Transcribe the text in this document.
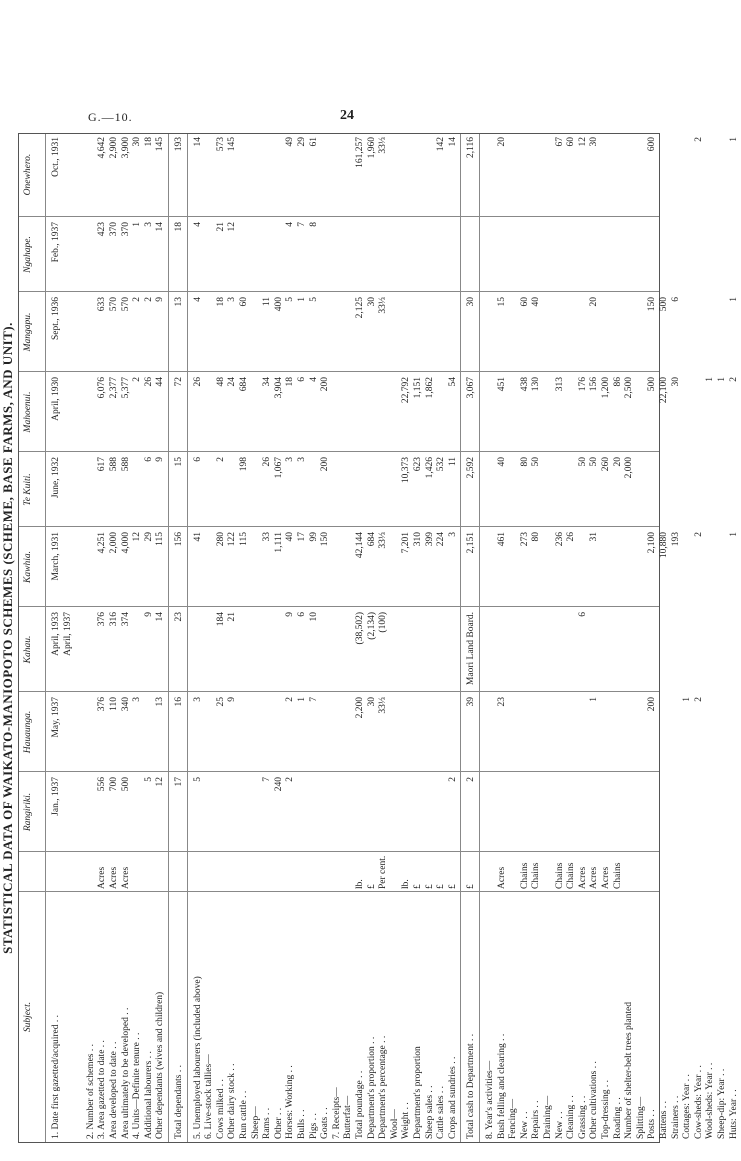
G.—10.	24
STATISTICAL DATA OF WAIKATO-MANIOPOTO SCHEMES (SCHEME, BASE FARMS, AND UNIT).
Subject.
Rangiriki.
Hauaunga.
Kahau.
Kawhia.
Te Kuiti.
Mahoenui.
Mangapu.
Ngahape.
Onewhero.
1. Date first gazetted/acquired . .
Jan., 1937
May, 1937
April, 1933
March, 1931
June, 1932
April, 1930
Sept., 1936
Feb., 1937
Oct., 1931
April, 1937
2. Number of schemes . . 3. Area gazetted to date . .
Acres
556
376
376
4,251
617
6,076
633
423
4,642
Area developed to date . .
Acres
700
110
316
2,000
588
2,377
570
370
2,900
Area ultimately to be developed . .
Acres
500
340
374
4,000
588
5,377
570
370
3,900
4. Units—Definite tenure . .
3
12
2
2
1
30
Additional labourers . .
5
9
29
6
26
2
3
18
Other dependants (wives and children)
12
13
14
115
9
44
9
14
145
Total dependants . .
17
16
23
156
15
72
13
18
193
5. Unemployed labourers (included above)
5
3
41
6
26
4
4
14
6. Live-stock tallies— Cows milked . .
25
184
280
2
48
18
21
573
Other dairy stock . .
9
21
122
24
3
12
145
Run cattle . .
115
198
684
60
Sheep— Rams . .
7
33
26
34
11
Other . .
240
1,111
1,067
3,904
400
Horses: Working . .
2
2
9
40
3
18
5
4
49
Bulls . .
1
6
17
3
6
1
7
29
Pigs . .
7
10
99
4
5
8
61
Goats . .
150
200
200
7. Receipts— Butterfat— Total poundage . .
lb.
2,200
(38,502)
42,144
2,125
161,257
Department's proportion . .
£
30
(2,134)
684
30
1,960
Department's percentage . .
Per cent.
33⅓
(100)
33⅓
33⅓
33⅓
Wool— Weight . .
lb.
7,201
10,373
22,792
Department's proportion
£
310
623
1,151
Sheep sales . .
£
399
1,426
1,862
Cattle sales . .
£
224
532
142
Crops and sundries . .
£
2
3
11
54
14
Total cash to Department . .
£
2
39
Maori Land Board.
2,151
2,592
3,067
30
2,116
8. Year's activities— Bush felling and clearing . .
Acres
23
461
40
451
15
20
Fencing— New . .
Chains
273
80
438
60
Repairs . .
Chains
80
50
130
40
Draining— New . .
Chains
236
313
67
Cleaning . .
Chains
26
60
Grassing . .
Acres
6
50
176
12
Other cultivations . .
Acres
1
31
50
156
20
30
Top-dressing . .
Acres
260
1,200
Roading . .
Chains
20
86
Number of shelter-belt trees planted
2,000
2,500
Splitting— Posts . .
200
2,100
500
150
600
Battens . .
10,880
22,100
500
Strainers . .
193
30
6
Cottages: Year . .
1
Cow-sheds: Year . .
2
2
2
Wool-sheds: Year . .
1
Sheep-dip: Year . .
1
Huts: Year . .
1
2
1
1
